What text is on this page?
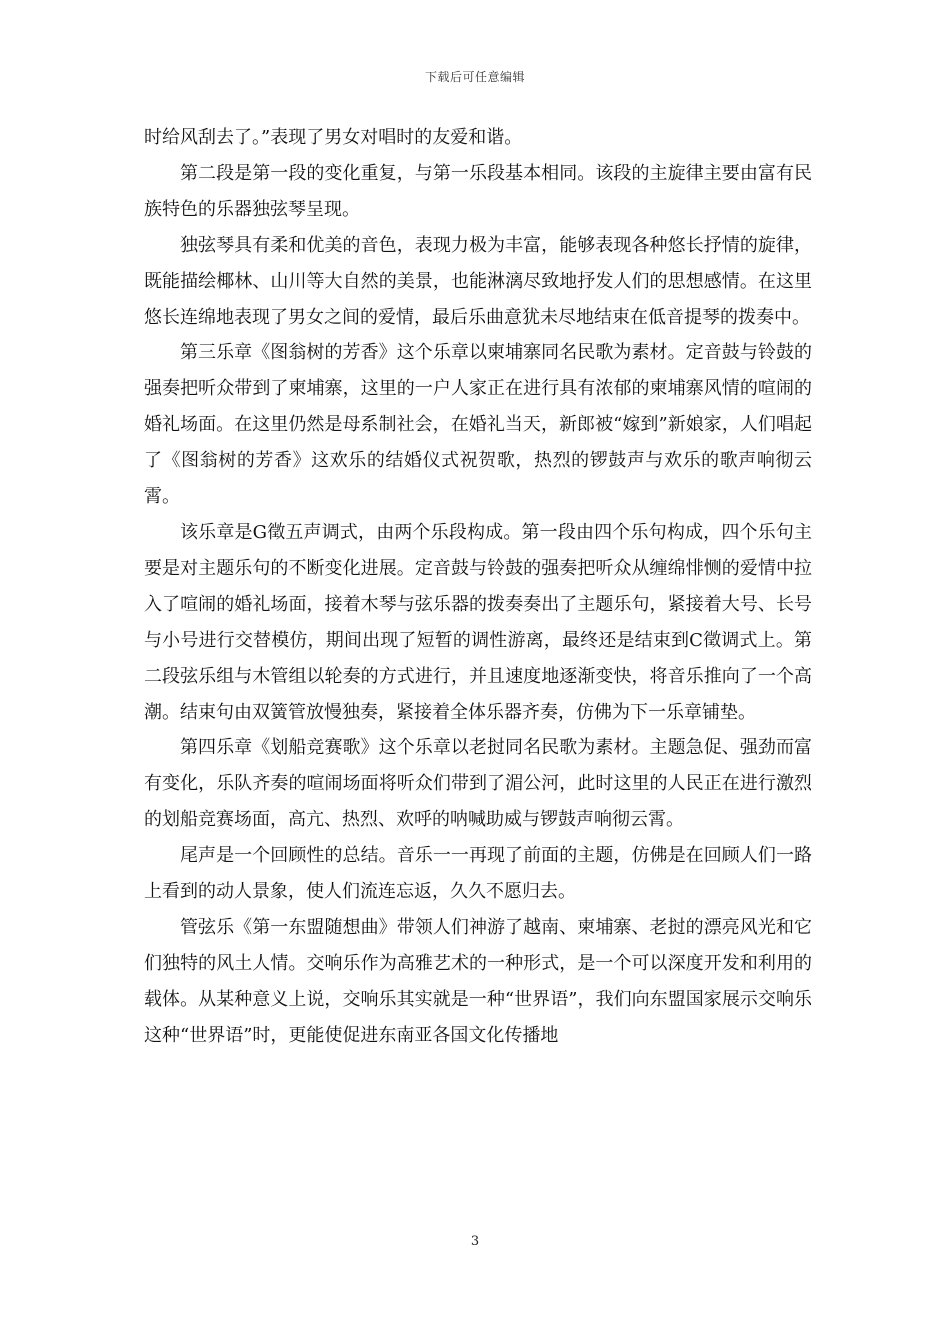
下载后可任意编辑

时给风刮去了。”表现了男女对唱时的友爱和谐。

第二段是第一段的变化重复，与第一乐段基本相同。该段的主旋律主要由富有民族特色的乐器独弦琴呈现。

独弦琴具有柔和优美的音色，表现力极为丰富，能够表现各种悠长抒情的旋律，既能描绘椰林、山川等大自然的美景，也能淋漓尽致地抒发人们的思想感情。在这里悠长连绵地表现了男女之间的爱情，最后乐曲意犹未尽地结束在低音提琴的拨奏中。

第三乐章《图翁树的芳香》这个乐章以柬埔寨同名民歌为素材。定音鼓与铃鼓的强奏把听众带到了柬埔寨，这里的一户人家正在进行具有浓郁的柬埔寨风情的喧闹的婚礼场面。在这里仍然是母系制社会，在婚礼当天，新郎被“嫁到”新娘家，人们唱起了《图翁树的芳香》这欢乐的结婚仪式祝贺歌，热烈的锣鼓声与欢乐的歌声响彻云霄。

该乐章是G徵五声调式，由两个乐段构成。第一段由四个乐句构成，四个乐句主要是对主题乐句的不断变化进展。定音鼓与铃鼓的强奏把听众从缠绵悱恻的爱情中拉入了喧闹的婚礼场面，接着木琴与弦乐器的拨奏奏出了主题乐句，紧接着大号、长号与小号进行交替模仿，期间出现了短暂的调性游离，最终还是结束到C徵调式上。第二段弦乐组与木管组以轮奏的方式进行，并且速度地逐渐变快，将音乐推向了一个高潮。结束句由双簧管放慢独奏，紧接着全体乐器齐奏，仿佛为下一乐章铺垫。

第四乐章《划船竞赛歌》这个乐章以老挝同名民歌为素材。主题急促、强劲而富有变化，乐队齐奏的喧闹场面将听众们带到了湄公河，此时这里的人民正在进行激烈的划船竞赛场面，高亢、热烈、欢呼的呐喊助威与锣鼓声响彻云霄。

尾声是一个回顾性的总结。音乐一一再现了前面的主题，仿佛是在回顾人们一路上看到的动人景象，使人们流连忘返，久久不愿归去。

管弦乐《第一东盟随想曲》带领人们神游了越南、柬埔寨、老挝的漂亮风光和它们独特的风土人情。交响乐作为高雅艺术的一种形式，是一个可以深度开发和利用的载体。从某种意义上说，交响乐其实就是一种“世界语”，我们向东盟国家展示交响乐这种“世界语”时，更能使促进东南亚各国文化传播地

3
